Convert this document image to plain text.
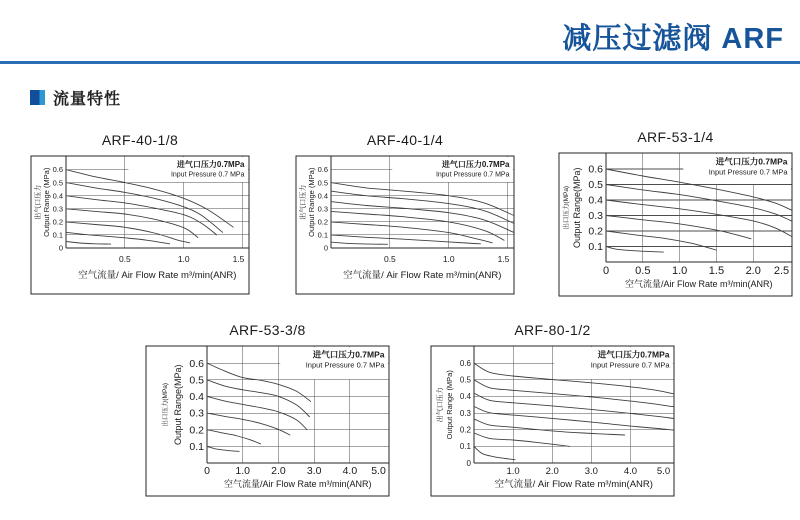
减压过滤阀 ARF
流量特性
ARF-40-1/8
0.6
0.5
0.4
0.3
0.2
0.1
0
0.5	1.0	1.5
空气流量/ Air Flow Rate m³/min(ANR)
出气口压力 Output Range (MPa)
进气口压力0.7MPa
Input Pressure 0.7 MPa
ARF-40-1/4
0.6
0.5
0.4
0.3
0.2
0.1
0
0.5	1.0	1.5
空气流量/ Air Flow Rate m³/min(ANR)
出气口压力 Output Range (MPa)
进气口压力0.7MPa
Input Pressure 0.7 MPa
ARF-53-1/4
0.6
0.5
0.4
0.3
0.2
0.1
0 0.5 1.0 1.5 2.0 2.5
空气流量/Air Flow Rate m³/min(ANR)
出口压力(MPa) Output Range(MPa)
进气口压力0.7MPa
Input Pressure 0.7 MPa
ARF-53-3/8
0.6
0.5
0.4
0.3
0.2
0.1
0 1.0 2.0 3.0 4.0 5.0
空气流量/Air Flow Rate m³/min(ANR)
出口压力(MPa) Output Range(MPa)
进气口压力0.7MPa
Input Pressure 0.7 MPa
ARF-80-1/2
0.6
0.5
0.4
0.3
0.2
0.1
0
1.0	2.0	3.0	4.0 5.0
空气流量/ Air Flow Rate m³/min(ANR)
出气口压力 Output Range (MPa)
进气口压力0.7MPa
Input Pressure 0.7 MPa
